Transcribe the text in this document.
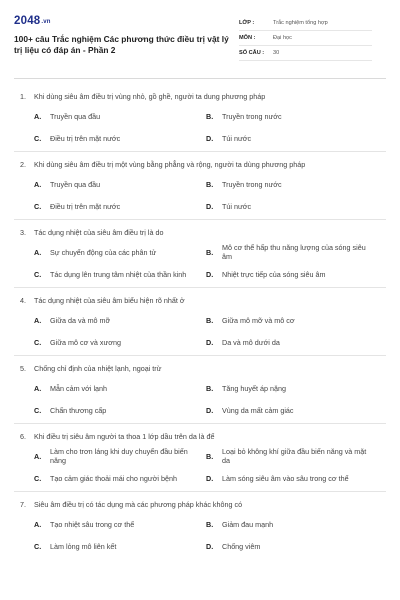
2048.vn
100+ câu Trắc nghiệm Các phương thức điều trị vật lý trị liệu có đáp án - Phần 2
LỚP :	Trắc nghiệm tổng hợp
MÔN :	Đại học
SỐ CÂU :	30
1.	Khi dùng siêu âm điều trị vùng nhỏ, gồ ghề, người ta dung phương pháp
A.	Truyền qua đầu	B.	Truyền trong nước
C.	Điều trị trên mặt nước	D.	Túi nước
2.	Khi dùng siêu âm điều trị một vùng bằng phẳng và rộng, người ta dùng phương pháp
A.	Truyền qua đầu	B.	Truyền trong nước
C.	Điều trị trên mặt nước	D.	Túi nước
3.	Tác dụng nhiệt của siêu âm điều trị là do
A.	Sự chuyển động của các phân tử	B.	Mô cơ thể hấp thu năng lượng của sóng siêu âm
C.	Tác dụng lên trung tâm nhiệt của thần kinh	D.	Nhiệt trực tiếp của sóng siêu âm
4.	Tác dụng nhiệt của siêu âm biểu hiện rõ nhất ở
A.	Giữa da và mô mỡ	B.	Giữa mô mỡ và mô cơ
C.	Giữa mô cơ và xương	D.	Da và mô dưới da
5.	Chống chỉ định của nhiệt lạnh, ngoại trừ
A.	Mẫn cảm với lạnh	B.	Tăng huyết áp nặng
C.	Chấn thương cấp	D.	Vùng da mất cảm giác
6.	Khi điều trị siêu âm người ta thoa 1 lớp dầu trên da là để
A.	Làm cho trơn láng khi duy chuyển đầu biến năng	B.	Loại bỏ không khí giữa đầu biến năng và mặt da
C.	Tạo cảm giác thoải mái cho người bệnh	D.	Làm sóng siêu âm vào sâu trong cơ thể
7.	Siêu âm điều trị có tác dụng mà các phương pháp khác không có
A.	Tạo nhiệt sâu trong cơ thể	B.	Giảm đau mạnh
C.	Làm lỏng mô liên kết	D.	Chống viêm
